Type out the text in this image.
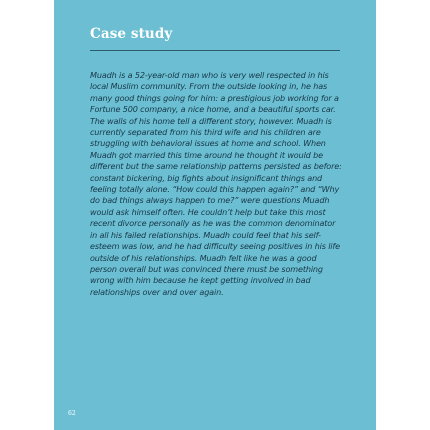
Case study

Muadh is a 52-year-old man who is very well respected in his local Muslim community. From the outside looking in, he has many good things going for him: a prestigious job working for a Fortune 500 company, a nice home, and a beautiful sports car. The walls of his home tell a different story, however. Muadh is currently separated from his third wife and his children are struggling with behavioral issues at home and school. When Muadh got married this time around he thought it would be different but the same relationship patterns persisted as before: constant bickering, big fights about insignificant things and feeling totally alone. “How could this happen again?” and “Why do bad things always happen to me?” were questions Muadh would ask himself often. He couldn’t help but take this most recent divorce personally as he was the common denominator in all his failed relationships. Muadh could feel that his self-esteem was low, and he had difficulty seeing positives in his life outside of his relationships. Muadh felt like he was a good person overall but was convinced there must be something wrong with him because he kept getting involved in bad relationships over and over again.

62
